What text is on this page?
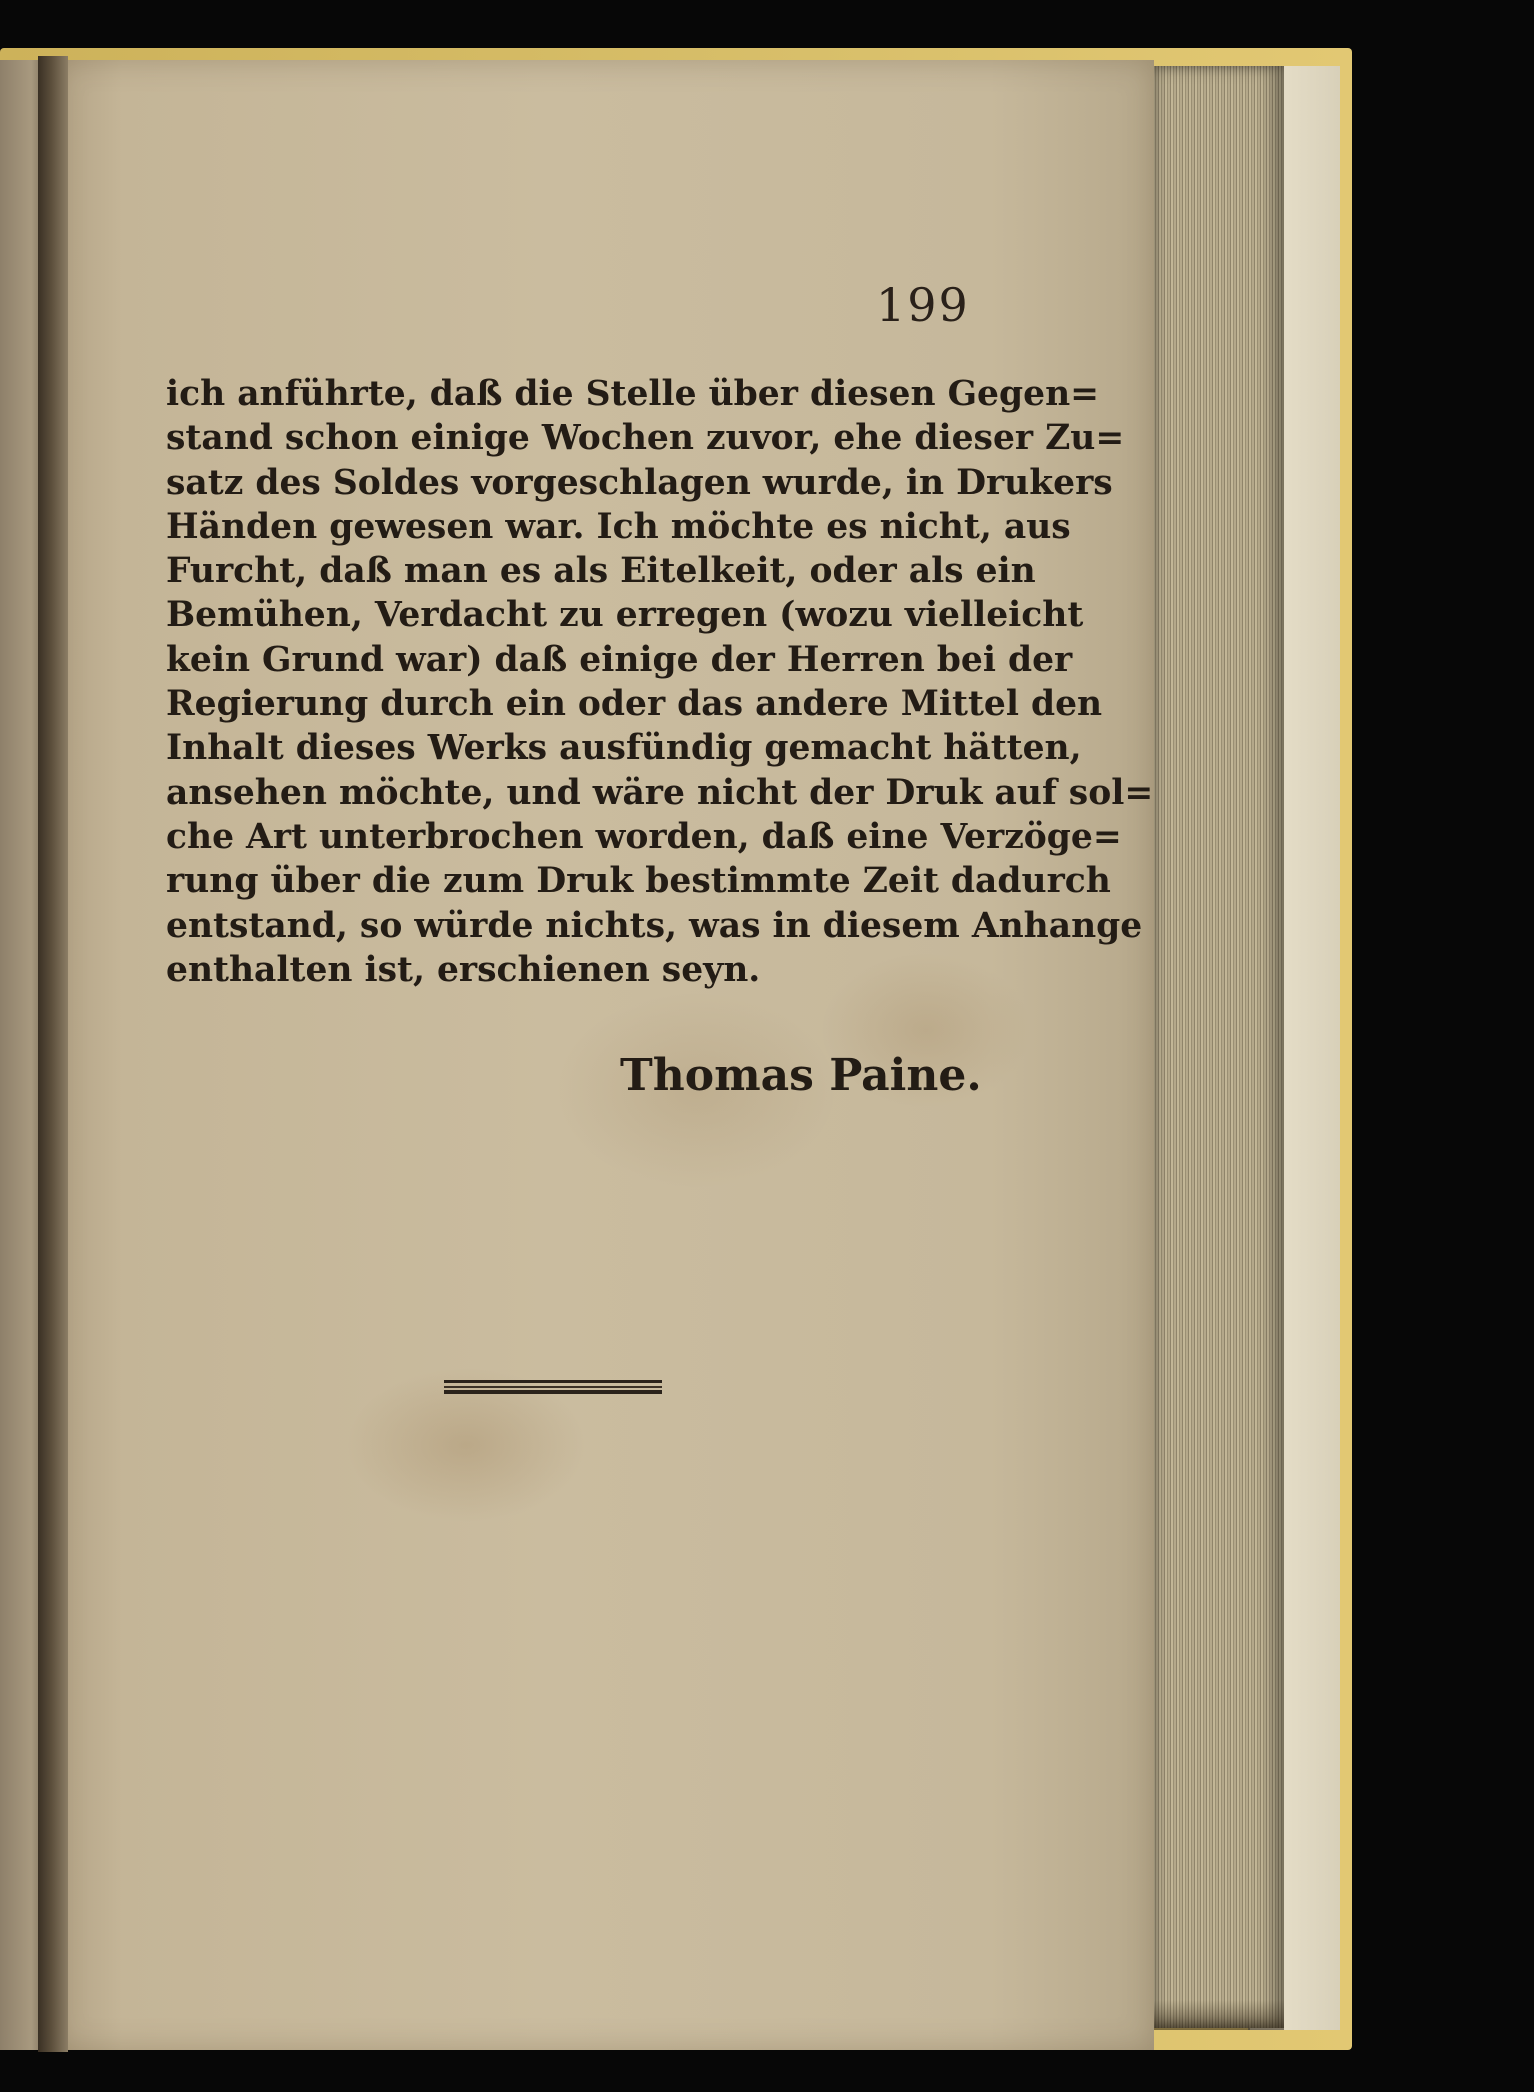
199
ich anführte, daß die Stelle über diesen Gegen=
stand schon einige Wochen zuvor, ehe dieser Zu=
satz des Soldes vorgeschlagen wurde, in Drukers
Händen gewesen war. Ich möchte es nicht, aus
Furcht, daß man es als Eitelkeit, oder als ein
Bemühen, Verdacht zu erregen (wozu vielleicht
kein Grund war) daß einige der Herren bei der
Regierung durch ein oder das andere Mittel den
Inhalt dieses Werks ausfündig gemacht hätten,
ansehen möchte, und wäre nicht der Druk auf sol=
che Art unterbrochen worden, daß eine Verzöge=
rung über die zum Druk bestimmte Zeit dadurch
entstand, so würde nichts, was in diesem Anhange
enthalten ist, erschienen seyn.
Thomas Paine.
